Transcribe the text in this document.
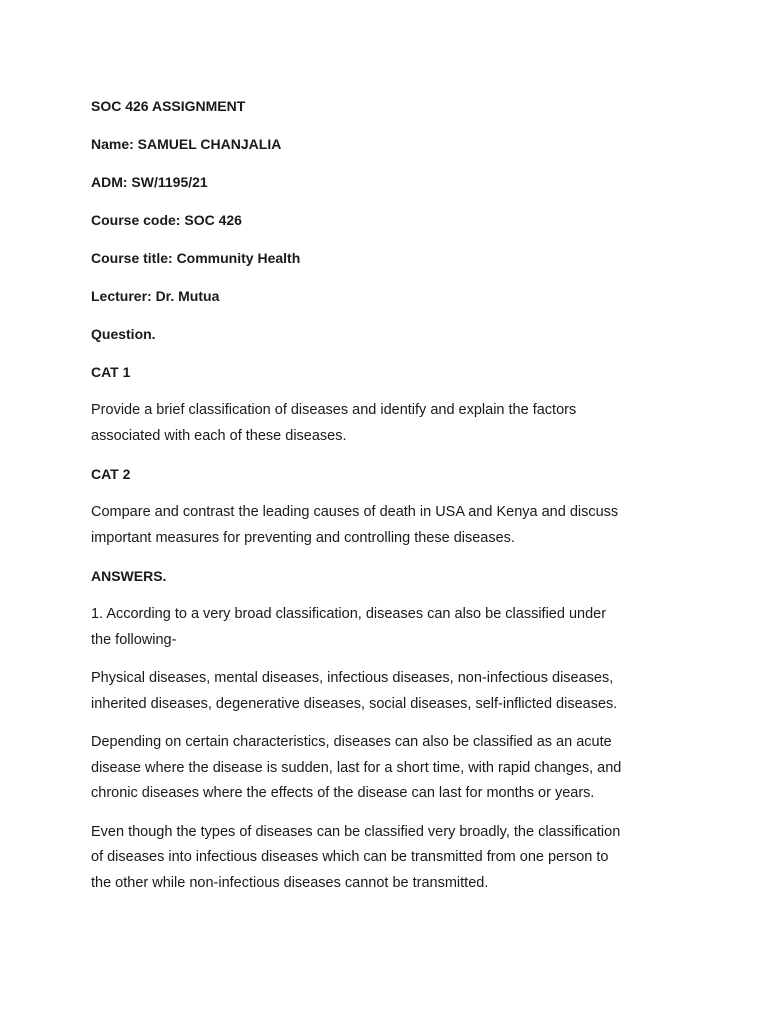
SOC 426 ASSIGNMENT

Name: SAMUEL CHANJALIA

ADM: SW/1195/21

Course code: SOC 426

Course title: Community Health

Lecturer: Dr. Mutua

Question.

CAT 1

Provide a brief classification of diseases and identify and explain the factors
associated with each of these diseases.

CAT 2

Compare and contrast the leading causes of death in USA and Kenya and discuss
important measures for preventing and controlling these diseases.

ANSWERS.

1. According to a very broad classification, diseases can also be classified under
the following-
Physical diseases, mental diseases, infectious diseases, non-infectious diseases,
inherited diseases, degenerative diseases, social diseases, self-inflicted diseases.
Depending on certain characteristics, diseases can also be classified as an acute
disease where the disease is sudden, last for a short time, with rapid changes, and
chronic diseases where the effects of the disease can last for months or years.
Even though the types of diseases can be classified very broadly, the classification
of diseases into infectious diseases which can be transmitted from one person to
the other while non-infectious diseases cannot be transmitted.
